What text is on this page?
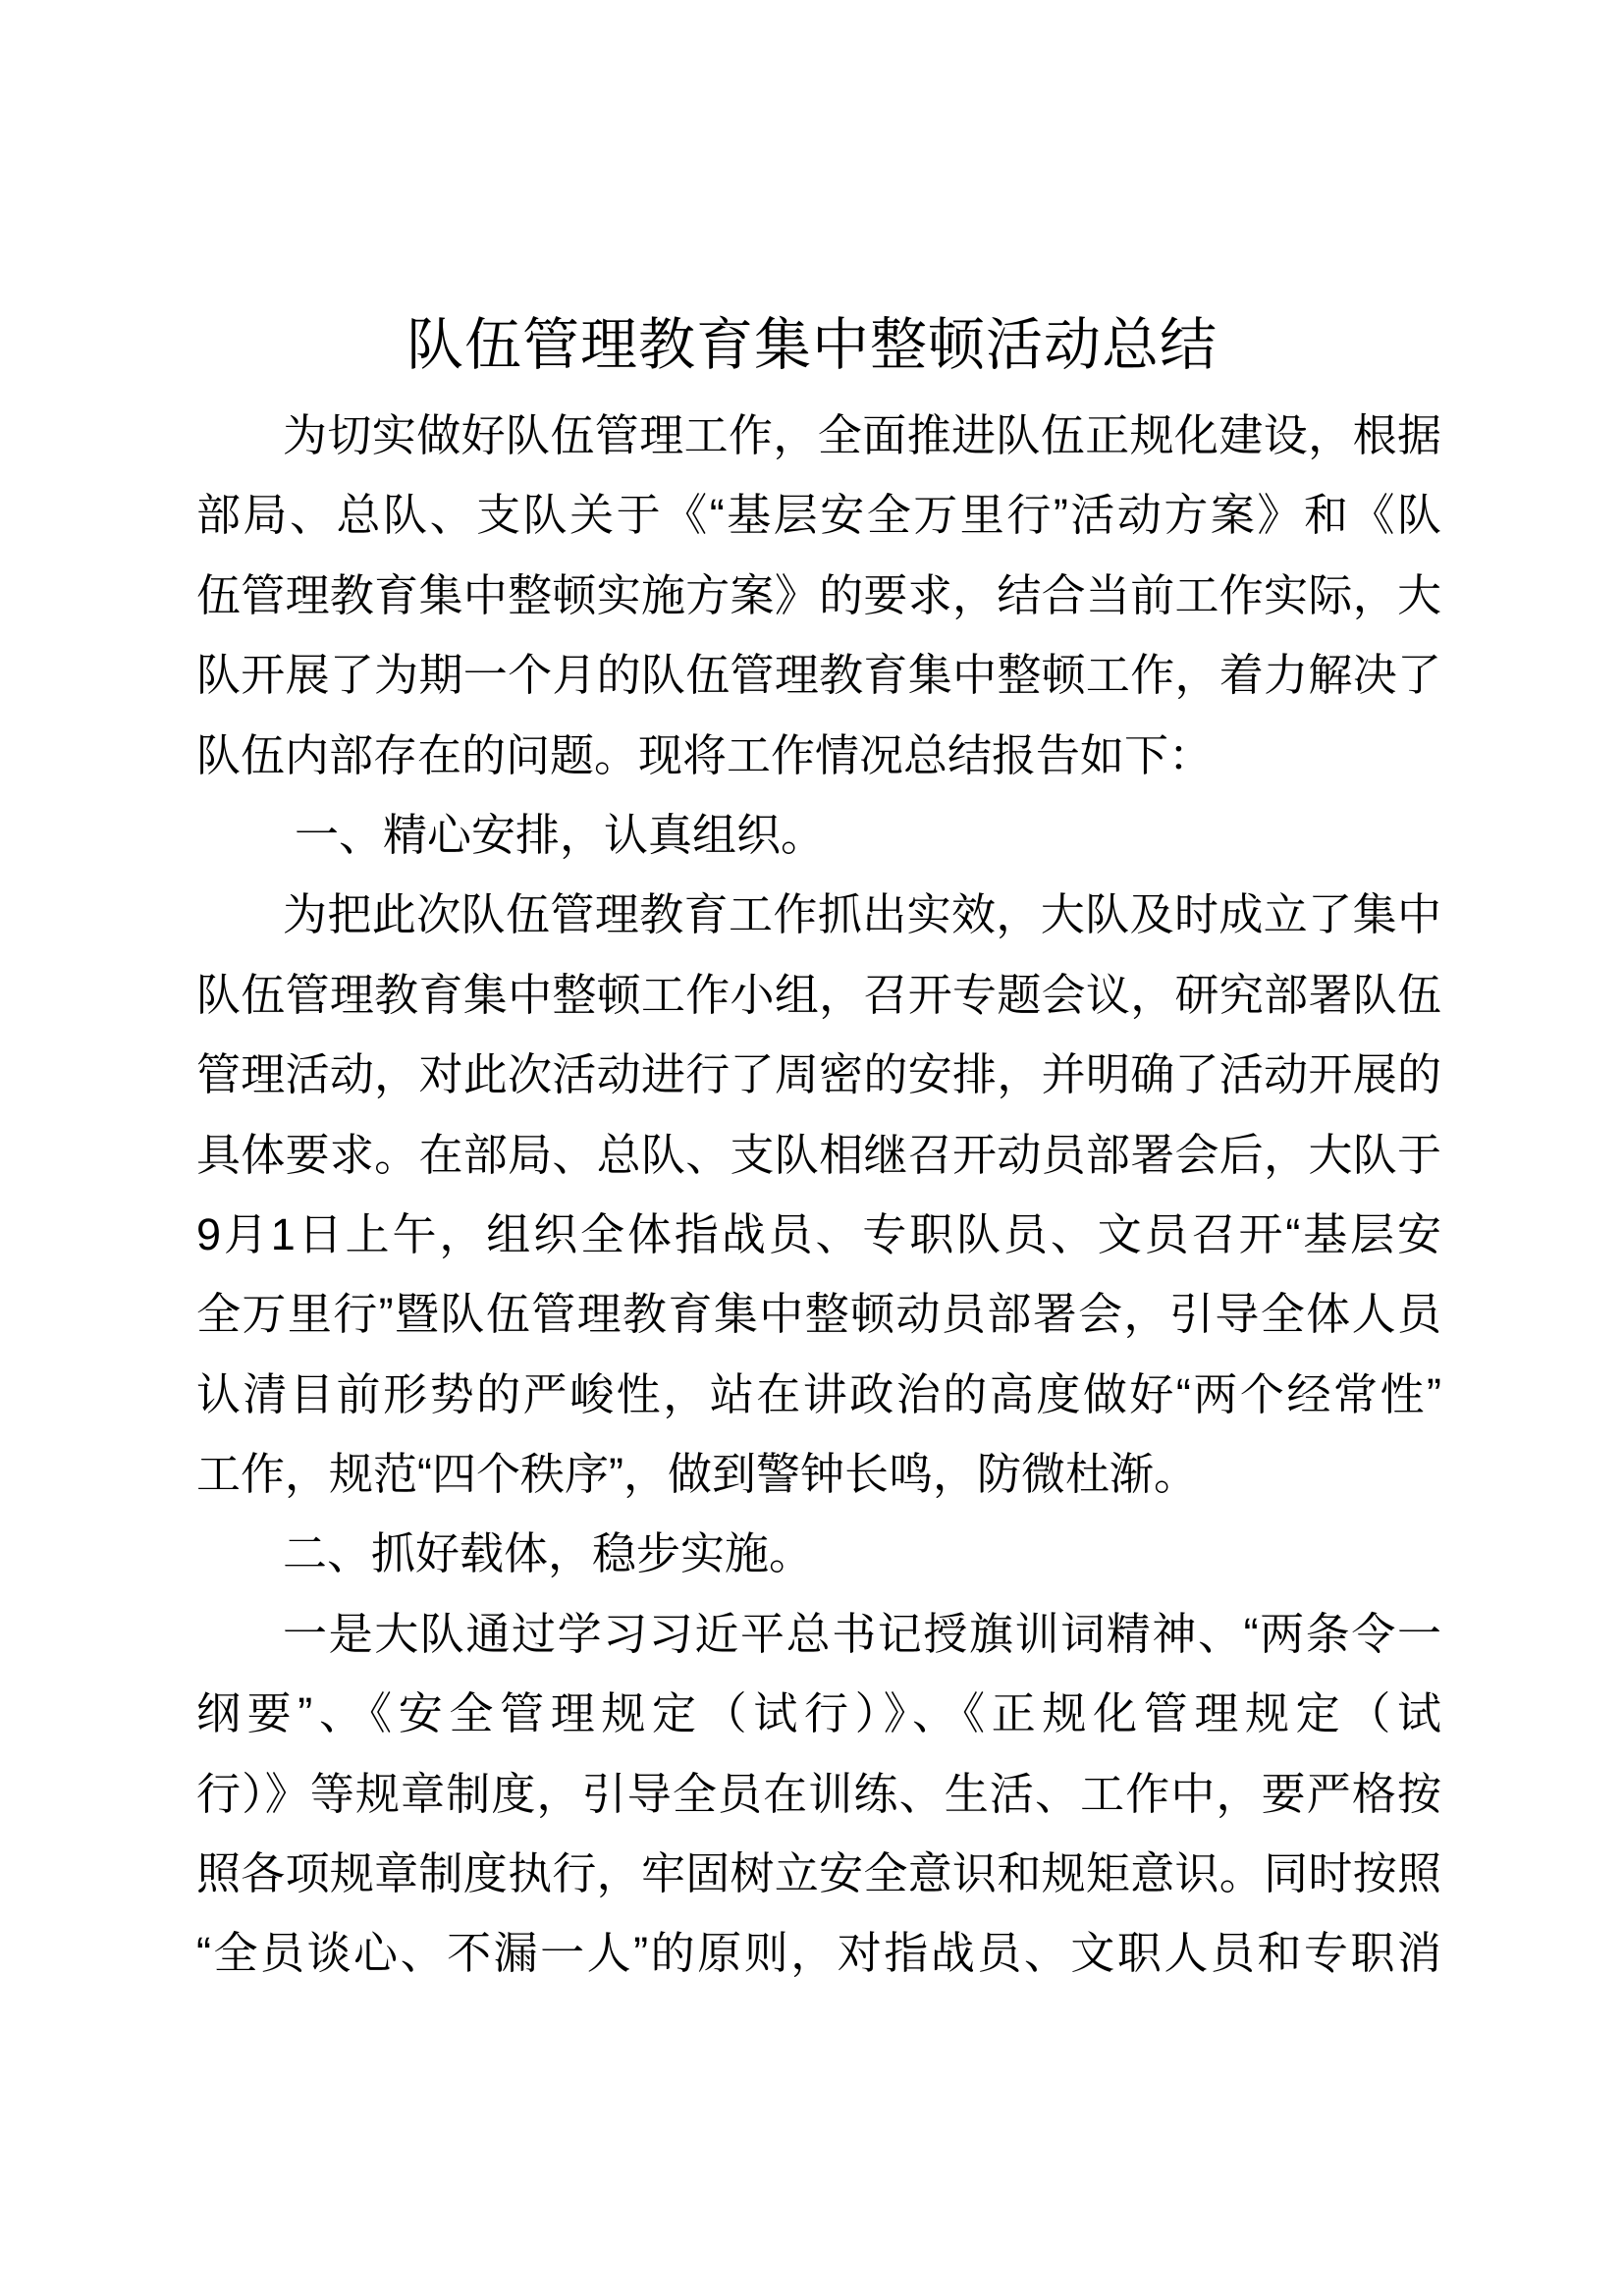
队伍管理教育集中整顿活动总结
为切实做好队伍管理工作，全面推进队伍正规化建设，根据
部局、总队、支队关于《“基层安全万里行”活动方案》和《队
伍管理教育集中整顿实施方案》的要求，结合当前工作实际，大
队开展了为期一个月的队伍管理教育集中整顿工作，着力解决了
队伍内部存在的问题。现将工作情况总结报告如下：
一、精心安排，认真组织。
为把此次队伍管理教育工作抓出实效，大队及时成立了集中
队伍管理教育集中整顿工作小组，召开专题会议，研究部署队伍
管理活动，对此次活动进行了周密的安排，并明确了活动开展的
具体要求。在部局、总队、支队相继召开动员部署会后，大队于
9月1日上午，组织全体指战员、专职队员、文员召开“基层安
全万里行”暨队伍管理教育集中整顿动员部署会，引导全体人员
认清目前形势的严峻性，站在讲政治的高度做好“两个经常性”
工作，规范“四个秩序”，做到警钟长鸣，防微杜渐。
二、抓好载体，稳步实施。
一是大队通过学习习近平总书记授旗训词精神、“两条令一
纲要”、《安全管理规定（试行）》、《正规化管理规定（试
行）》等规章制度，引导全员在训练、生活、工作中，要严格按
照各项规章制度执行，牢固树立安全意识和规矩意识。同时按照
“全员谈心、不漏一人”的原则，对指战员、文职人员和专职消
